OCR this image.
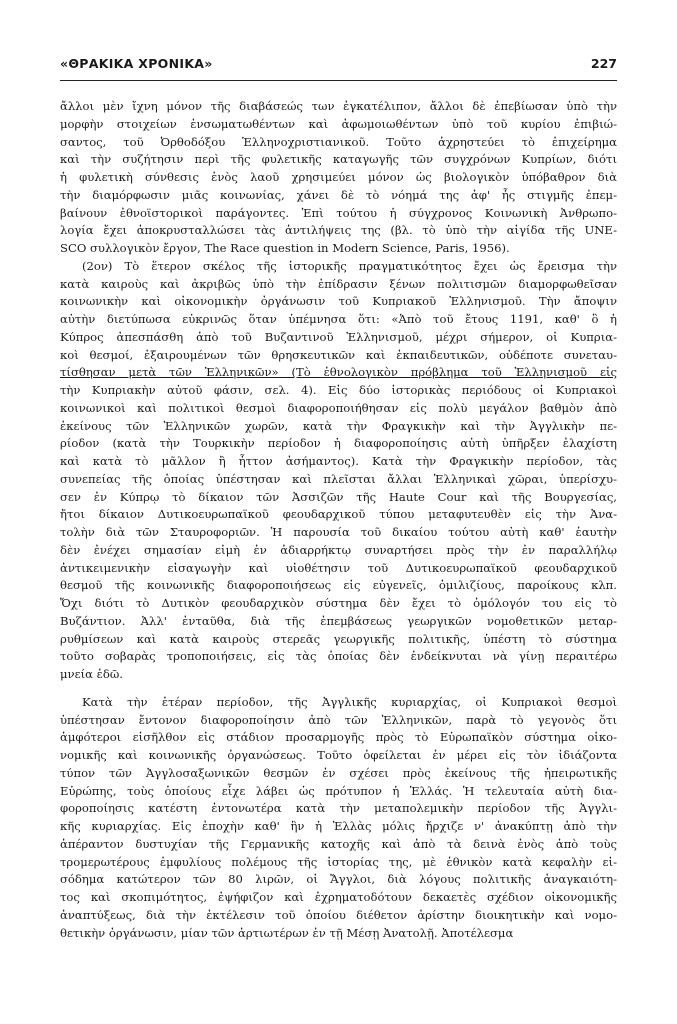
«ΘΡΑΚΙΚΑ ΧΡΟΝΙΚΑ»	227
ἄλλοι μὲν ἴχνη μόνον τῆς διαβάσεώς των ἐγκατέλιπον, ἄλλοι δὲ ἐπεβίωσαν ὑπὸ τὴν
μορφὴν στοιχείων ἐνσωματωθέντων καὶ ἀφωμοιωθέντων ὑπὸ τοῦ κυρίου ἐπιβιώ-
σαντος, τοῦ Ὀρθοδόξου Ἑλληνοχριστιανικοῦ. Τοῦτο ἀχρηστεύει τὸ ἐπιχείρημα
καὶ τὴν συζήτησιν περὶ τῆς φυλετικῆς καταγωγῆς τῶν συγχρόνων Κυπρίων, διότι
ἡ φυλετικὴ σύνθεσις ἑνὸς λαοῦ χρησιμεύει μόνον ὡς βιολογικὸν ὑπόβαθρον διὰ
τὴν διαμόρφωσιν μιᾶς κοινωνίας, χάνει δὲ τὸ νόημά της ἀφ' ἧς στιγμῆς ἐπεμ-
βαίνουν ἐθνοϊστορικοὶ παράγοντες. Ἐπὶ τούτου ἡ σύγχρονος Κοινωνικὴ Ἀνθρωπο-
λογία ἔχει ἀποκρυσταλλώσει τὰς ἀντιλήψεις της (βλ. τὸ ὑπὸ τὴν αἰγίδα τῆς UNE-
SCO συλλογικὸν ἔργον, The Race question in Modern Science, Paris, 1956).
(2ον) Τὸ ἕτερον σκέλος τῆς ἱστορικῆς πραγματικότητος ἔχει ὡς ἔρεισμα τὴν
κατὰ καιροὺς καὶ ἀκριβῶς ὑπὸ τὴν ἐπίδρασιν ξένων πολιτισμῶν διαμορφωθεῖσαν
κοινωνικὴν καὶ οἰκονομικὴν ὀργάνωσιν τοῦ Κυπριακοῦ Ἑλληνισμοῦ. Τὴν ἄποψιν
αὐτὴν διετύπωσα εὐκρινῶς ὅταν ὑπέμνησα ὅτι: «Ἀπὸ τοῦ ἔτους 1191, καθ' ὃ ἡ
Κύπρος ἀπεσπάσθη ἀπὸ τοῦ Βυζαντινοῦ Ἑλληνισμοῦ, μέχρι σήμερον, οἱ Κυπρια-
κοὶ θεσμοί, ἐξαιρουμένων τῶν θρησκευτικῶν καὶ ἐκπαιδευτικῶν, οὐδέποτε συνεταυ-
τίσθησαν μετὰ τῶν Ἑλληνικῶν» (Τὸ ἐθνολογικὸν πρόβλημα τοῦ Ἑλληνισμοῦ εἰς
τὴν Κυπριακὴν αὐτοῦ φάσιν, σελ. 4). Εἰς δύο ἱστορικὰς περιόδους οἱ Κυπριακοὶ
κοινωνικοὶ καὶ πολιτικοὶ θεσμοὶ διαφοροποιήθησαν εἰς πολὺ μεγάλον βαθμὸν ἀπὸ
ἐκείνους τῶν Ἑλληνικῶν χωρῶν, κατὰ τὴν Φραγκικὴν καὶ τὴν Ἀγγλικὴν πε-
ρίοδον (κατὰ τὴν Τουρκικὴν περίοδον ἡ διαφοροποίησις αὐτὴ ὑπῆρξεν ἐλαχίστη
καὶ κατὰ τὸ μᾶλλον ἢ ἧττον ἀσήμαντος). Κατὰ τὴν Φραγκικὴν περίοδον, τὰς
συνεπείας τῆς ὁποίας ὑπέστησαν καὶ πλεῖσται ἄλλαι Ἑλληνικαὶ χῶραι, ὑπερίσχυ-
σεν ἐν Κύπρῳ τὸ δίκαιον τῶν Ἀσσιζῶν τῆς Haute Cour καὶ τῆς Βουργεσίας,
ἤτοι δίκαιον Δυτικοευρωπαϊκοῦ φεουδαρχικοῦ τύπου μεταφυτευθὲν εἰς τὴν Ἀνα-
τολὴν διὰ τῶν Σταυροφοριῶν. Ἡ παρουσία τοῦ δικαίου τούτου αὐτὴ καθ' ἑαυτὴν
δὲν ἐνέχει σημασίαν εἰμὴ ἐν ἀδιαρρήκτῳ συναρτήσει πρὸς τὴν ἐν παραλλήλῳ
ἀντικειμενικὴν εἰσαγωγὴν καὶ υἱοθέτησιν τοῦ Δυτικοευρωπαϊκοῦ φεουδαρχικοῦ
θεσμοῦ τῆς κοινωνικῆς διαφοροποιήσεως εἰς εὐγενεῖς, ὁμιλιζίους, παροίκους κλπ.
Ὄχι διότι τὸ Δυτικὸν φεουδαρχικὸν σύστημα δὲν ἔχει τὸ ὁμόλογόν του εἰς τὸ
Βυζάντιον. Ἀλλ' ἐνταῦθα, διὰ τῆς ἐπεμβάσεως γεωργικῶν νομοθετικῶν μεταρ-
ρυθμίσεων καὶ κατὰ καιροὺς στερεᾶς γεωργικῆς πολιτικῆς, ὑπέστη τὸ σύστημα
τοῦτο σοβαρὰς τροποποιήσεις, εἰς τὰς ὁποίας δὲν ἐνδείκνυται νὰ γίνῃ περαιτέρω
μνεία ἐδῶ.
Κατὰ τὴν ἑτέραν περίοδον, τῆς Ἀγγλικῆς κυριαρχίας, οἱ Κυπριακοὶ θεσμοὶ
ὑπέστησαν ἔντονον διαφοροποίησιν ἀπὸ τῶν Ἑλληνικῶν, παρὰ τὸ γεγονὸς ὅτι
ἀμφότεροι εἰσῆλθον εἰς στάδιον προσαρμογῆς πρὸς τὸ Εὐρωπαϊκὸν σύστημα οἰκο-
νομικῆς καὶ κοινωνικῆς ὀργανώσεως. Τοῦτο ὀφείλεται ἐν μέρει εἰς τὸν ἰδιάζοντα
τύπον τῶν Ἀγγλοσαξωνικῶν θεσμῶν ἐν σχέσει πρὸς ἐκείνους τῆς ἠπειρωτικῆς
Εὐρώπης, τοὺς ὁποίους εἶχε λάβει ὡς πρότυπον ἡ Ἑλλάς. Ἡ τελευταία αὐτὴ δια-
φοροποίησις κατέστη ἐντονωτέρα κατὰ τὴν μεταπολεμικὴν περίοδον τῆς Ἀγγλι-
κῆς κυριαρχίας. Εἰς ἐποχὴν καθ' ἣν ἡ Ἑλλὰς μόλις ἤρχιζε ν' ἀνακύπτῃ ἀπὸ τὴν
ἀπέραντον δυστυχίαν τῆς Γερμανικῆς κατοχῆς καὶ ἀπὸ τὰ δεινὰ ἑνὸς ἀπὸ τοὺς
τρομερωτέρους ἐμφυλίους πολέμους τῆς ἱστορίας της, μὲ ἐθνικὸν κατὰ κεφαλὴν εἰ-
σόδημα κατώτερον τῶν 80 λιρῶν, οἱ Ἄγγλοι, διὰ λόγους πολιτικῆς ἀναγκαιότη-
τος καὶ σκοπιμότητος, ἐψήφιζον καὶ ἐχρηματοδότουν δεκαετὲς σχέδιον οἰκονομικῆς
ἀναπτύξεως, διὰ τὴν ἐκτέλεσιν τοῦ ὁποίου διέθετον ἀρίστην διοικητικὴν καὶ νομο-
θετικὴν ὀργάνωσιν, μίαν τῶν ἀρτιωτέρων ἐν τῇ Μέσῃ Ἀνατολῇ. Ἀποτέλεσμα
